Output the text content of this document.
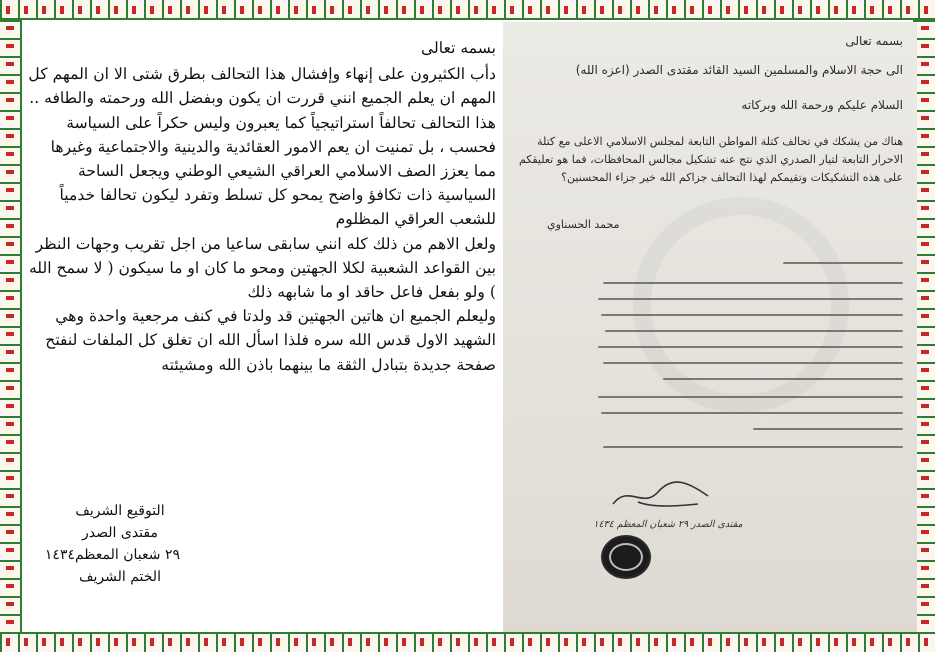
بسمه تعالى

دأب الكثيرون على إنهاء وإفشال هذا التحالف بطرق شتى الا ان المهم كل المهم ان يعلم الجميع انني قررت ان يكون وبفضل الله ورحمته والطافه .. هذا التحالف تحالفاً استراتيجياً كما يعبرون وليس حكراً على السياسة فحسب ، بل تمنيت ان يعم الامور العقائدية والدينية والاجتماعية وغيرها مما يعزز الصف الاسلامي العراقي الشيعي الوطني ويجعل الساحة السياسية ذات تكافؤ واضح يمحو كل تسلط وتفرد ليكون تحالفا خدمياً للشعب العراقي المظلوم

ولعل الاهم من ذلك كله انني سابقى ساعيا من اجل تقريب وجهات النظر بين القواعد الشعبية لكلا الجهتين ومحو ما كان او ما سيكون ( لا سمح الله ) ولو بفعل فاعل حاقد او ما شابهه ذلك

وليعلم الجميع ان هاتين الجهتين قد ولدتا في كنف مرجعية واحدة وهي الشهيد الاول قدس الله سره فلذا اسأل الله ان تغلق كل الملفات لنفتح صفحة جديدة بتبادل الثقة ما بينهما باذن الله ومشيئته

التوقيع الشريف
مقتدى الصدر
٢٩ شعبان المعظم١٤٣٤
الختم الشريف
بسمه تعالى
الى حجة الاسلام والمسلمين السيد القائد مقتدى الصدر (اعزه الله)
السلام عليكم ورحمة الله وبركاته
هناك من يشكك في تحالف كتلة المواطن التابعة لمجلس الاسلامي الاعلى مع كتلة الاحرار التابعة لتيار الصدري الذي نتج عنه تشكيل مجالس المحافظات، فما هو تعليقكم على هذه التشكيكات وتقيمكم لهذا التحالف جزاكم الله خير جزاء المحسنين؟
محمد الحسناوي
مقتدى الصدر ٢٩ شعبان المعظم ١٤٣٤
